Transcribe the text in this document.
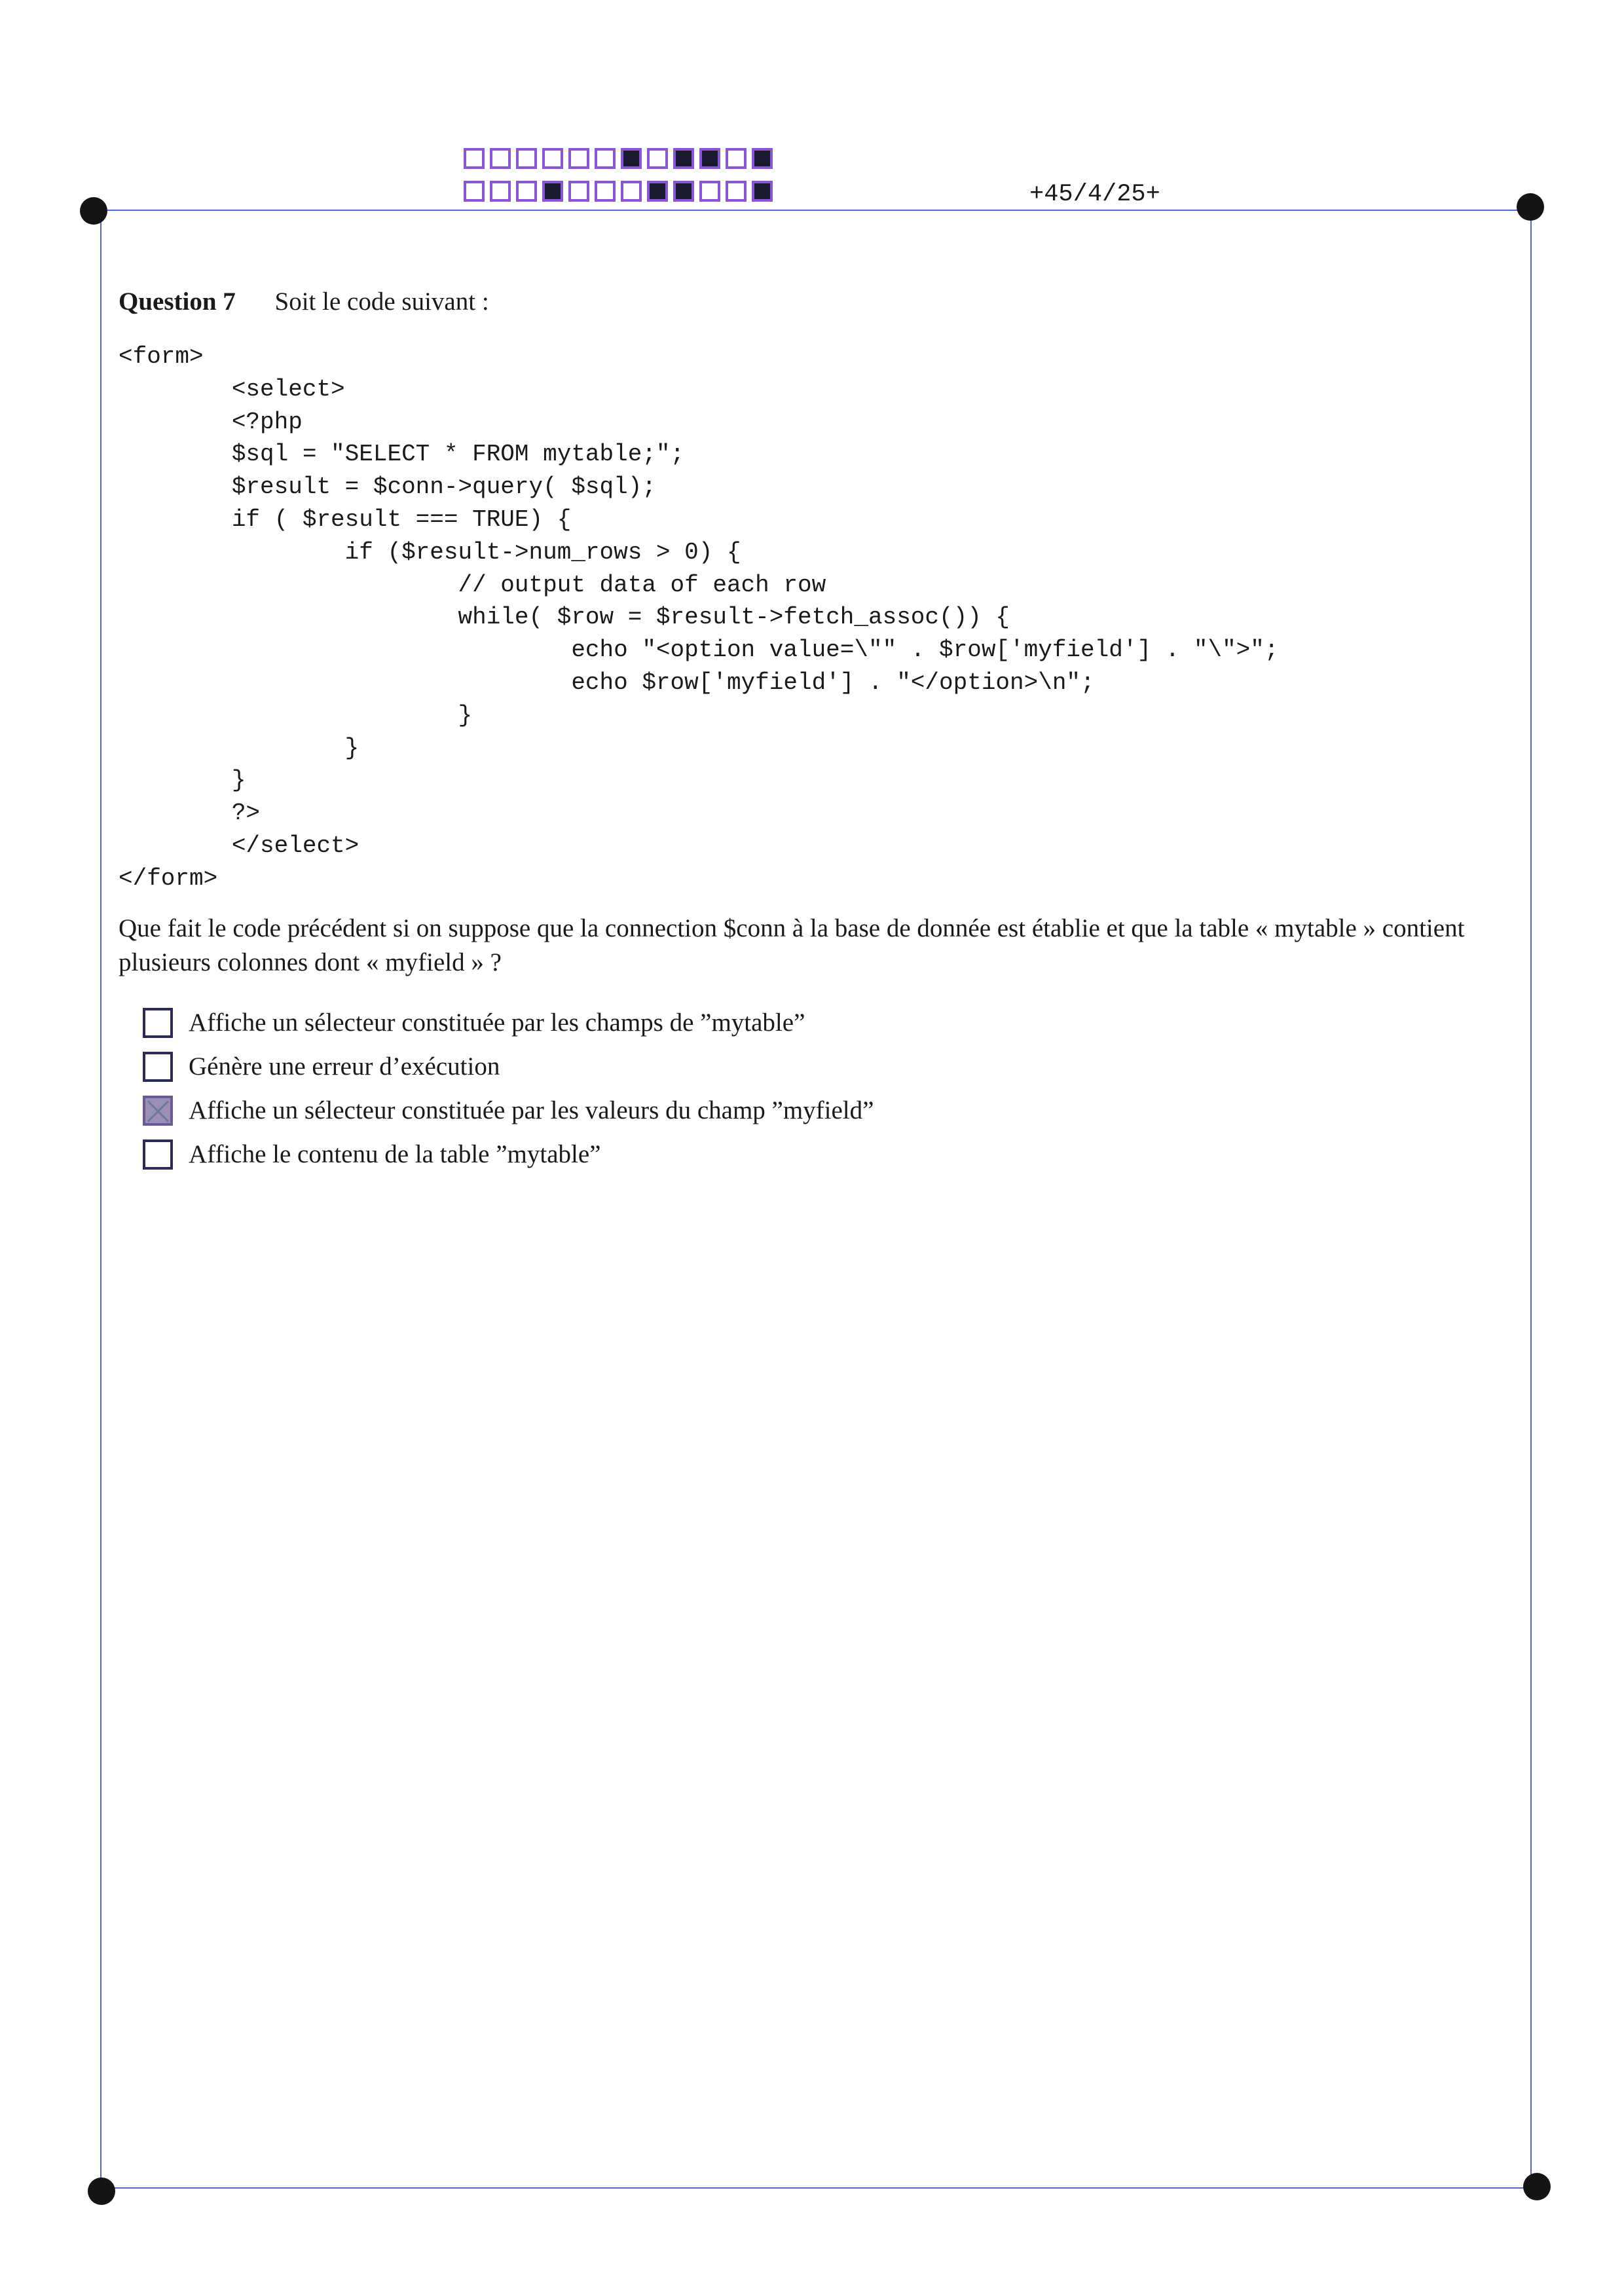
+45/4/25+
Question 7 Soit le code suivant :
<form>
<select>
<?php
$sql = "SELECT * FROM mytable;";
$result = $conn->query( $sql);
if ( $result === TRUE) {
if ($result->num_rows > 0) {
// output data of each row
while( $row = $result->fetch_assoc()) {
echo "<option value=\"" . $row['myfield'] . "\">";
echo $row['myfield'] . "</option>\n";
}
}
}
?>
</select>
</form>
Que fait le code précédent si on suppose que la connection $conn à la base de donnée est établie et que la table « mytable » contient plusieurs colonnes dont « myfield » ?
Affiche un sélecteur constituée par les champs de ”mytable”
Génère une erreur d’exécution
Affiche un sélecteur constituée par les valeurs du champ ”myfield”
Affiche le contenu de la table ”mytable”
